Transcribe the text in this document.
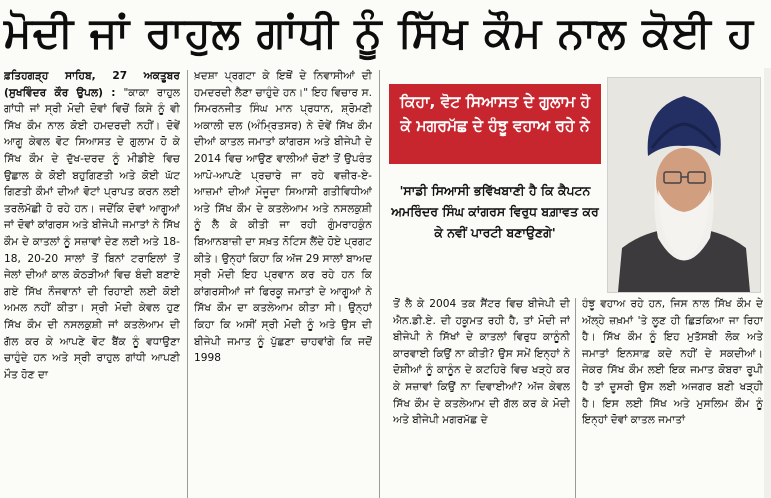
ਮੋਦੀ ਜਾਂ ਰਾਹੁਲ ਗਾਂਧੀ ਨੂੰ ਸਿੱਖ ਕੌਮ ਨਾਲ ਕੋਈ ਹ

ਫ਼ਤਿਹਗੜ੍ਹ ਸਾਹਿਬ, 27 ਅਕਤੂਬਰ (ਸੁਖਵਿੰਦਰ ਕੌਰ ਉਪਲ) : "ਕਾਕਾ ਰਾਹੁਲ ਗਾਂਧੀ ਜਾਂ ਸ੍ਰੀ ਮੋਦੀ ਦੋਵਾਂ ਵਿਚੋਂ ਕਿਸੇ ਨੂੰ ਵੀ ਸਿੱਖ ਕੌਮ ਨਾਲ ਕੋਈ ਹਮਦਰਦੀ ਨਹੀਂ। ਦੋਵੇਂ ਆਗੂ ਕੇਵਲ ਵੋਟ ਸਿਆਸਤ ਦੇ ਗੁਲਾਮ ਹੋ ਕੇ ਸਿੱਖ ਕੌਮ ਦੇ ਦੁੱਖ-ਦਰਦ ਨੂੰ ਮੀਡੀਏ ਵਿਚ ਉਛਾਲ ਕੇ ਕੋਈ ਬਹੁਗਿਣਤੀ ਅਤੇ ਕੋਈ ਘੱਟ ਗਿਣਤੀ ਕੌਮਾਂ ਦੀਆਂ ਵੋਟਾਂ ਪ੍ਰਾਪਤ ਕਰਨ ਲਈ ਤਰਲੋਮੱਛੀ ਹੋ ਰਹੇ ਹਨ। ਜਦੋਂਕਿ ਦੋਵਾਂ ਆਗੂਆਂ ਜਾਂ ਦੋਵਾਂ ਕਾਂਗਰਸ ਅਤੇ ਬੀਜੇਪੀ ਜਮਾਤਾਂ ਨੇ ਸਿੱਖ ਕੌਮ ਦੇ ਕਾਤਲਾਂ ਨੂੰ ਸਜ਼ਾਵਾਂ ਦੇਣ ਲਈ ਅਤੇ 18-18, 20-20 ਸਾਲਾਂ ਤੋਂ ਬਿਨਾਂ ਟਰਾਇਲਾਂ ਤੋਂ ਜੇਲਾਂ ਦੀਆਂ ਕਾਲ ਕੋਠੜੀਆਂ ਵਿਚ ਬੰਦੀ ਬਣਾਏ ਗਏ ਸਿੱਖ ਨੌਜਵਾਨਾਂ ਦੀ ਰਿਹਾਈ ਲਈ ਕੋਈ ਅਮਲ ਨਹੀਂ ਕੀਤਾ। ਸ੍ਰੀ ਮੋਦੀ ਕੇਵਲ ਹੁਣ ਸਿੱਖ ਕੌਮ ਦੀ ਨਸਲਕੁਸ਼ੀ ਜਾਂ ਕਤਲੇਆਮ ਦੀ ਗੱਲ ਕਰ ਕੇ ਆਪਣੇ ਵੋਟ ਬੈਂਕ ਨੂੰ ਵਧਾਉਣਾ ਚਾਹੁੰਦੇ ਹਨ ਅਤੇ ਸ੍ਰੀ ਰਾਹੁਲ ਗਾਂਧੀ ਆਪਣੀ ਮੌਤ ਹੋਣ ਦਾ

ਖ਼ਦਸ਼ਾ ਪ੍ਰਗਟਾ ਕੇ ਇਥੋਂ ਦੇ ਨਿਵਾਸੀਆਂ ਦੀ ਹਮਦਰਦੀ ਲੈਣਾ ਚਾਹੁੰਦੇ ਹਨ।" ਇਹ ਵਿਚਾਰ ਸ. ਸਿਮਰਨਜੀਤ ਸਿੰਘ ਮਾਨ ਪ੍ਰਧਾਨ, ਸ਼੍ਰੋਮਣੀ ਅਕਾਲੀ ਦਲ (ਅੰਮ੍ਰਿਤਸਰ) ਨੇ ਦੋਵੇਂ ਸਿੱਖ ਕੌਮ ਦੀਆਂ ਕਾਤਲ ਜਮਾਤਾਂ ਕਾਂਗਰਸ ਅਤੇ ਬੀਜੇਪੀ ਦੇ 2014 ਵਿਚ ਆਉਣ ਵਾਲੀਆਂ ਚੋਣਾਂ ਤੋਂ ਉਪਰੰਤ ਆਪੋ-ਆਪਣੇ ਪ੍ਰਚਾਰੇ ਜਾ ਰਹੇ ਵਜ਼ੀਰ-ਏ-ਆਜ਼ਮਾਂ ਦੀਆਂ ਮੌਜੂਦਾ ਸਿਆਸੀ ਗਤੀਵਿਧੀਆਂ ਅਤੇ ਸਿੱਖ ਕੌਮ ਦੇ ਕਤਲੇਆਮ ਅਤੇ ਨਸਲਕੁਸ਼ੀ ਨੂੰ ਲੈ ਕੇ ਕੀਤੀ ਜਾ ਰਹੀ ਗੁੰਮਰਾਹਕੁੰਨ ਬਿਆਨਬਾਜ਼ੀ ਦਾ ਸਖ਼ਤ ਨੋਟਿਸ ਲੈਂਦੇ ਹੋਏ ਪ੍ਰਗਟ ਕੀਤੇ। ਉਨ੍ਹਾਂ ਕਿਹਾ ਕਿ ਅੱਜ 29 ਸਾਲਾਂ ਬਾਅਦ ਸ੍ਰੀ ਮੋਦੀ ਇਹ ਪ੍ਰਵਾਨ ਕਰ ਰਹੇ ਹਨ ਕਿ ਕਾਂਗਰਸੀਆਂ ਜਾਂ ਫਿਰਕੂ ਜਮਾਤਾਂ ਦੇ ਆਗੂਆਂ ਨੇ ਸਿੱਖ ਕੌਮ ਦਾ ਕਤਲੇਆਮ ਕੀਤਾ ਸੀ। ਉਨ੍ਹਾਂ ਕਿਹਾ ਕਿ ਅਸੀਂ ਸ੍ਰੀ ਮੋਦੀ ਨੂੰ ਅਤੇ ਉਸ ਦੀ ਬੀਜੇਪੀ ਜਮਾਤ ਨੂੰ ਪੁੱਛਣਾ ਚਾਹਵਾਂਗੇ ਕਿ ਜਦੋਂ 1998

ਕਿਹਾ, ਵੋਟ ਸਿਆਸਤ ਦੇ ਗੁਲਾਮ ਹੋ ਕੇ ਮਗਰਮੱਛ ਦੇ ਹੰਝੂ ਵਹਾਅ ਰਹੇ ਨੇ
'ਸਾਡੀ ਸਿਆਸੀ ਭਵਿੱਖਬਾਣੀ ਹੈ ਕਿ ਕੈਪਟਨ ਅਮਰਿੰਦਰ ਸਿੰਘ ਕਾਂਗਰਸ ਵਿਰੁਧ ਬਗ਼ਾਵਤ ਕਰ ਕੇ ਨਵੀਂ ਪਾਰਟੀ ਬਣਾਉਣਗੇ'

ਤੋਂ ਲੈ ਕੇ 2004 ਤਕ ਸੈਂਟਰ ਵਿਚ ਬੀਜੇਪੀ ਦੀ ਐਨ.ਡੀ.ਏ. ਦੀ ਹਕੂਮਤ ਰਹੀ ਹੈ, ਤਾਂ ਮੋਦੀ ਜਾਂ ਬੀਜੇਪੀ ਨੇ ਸਿੱਖਾਂ ਦੇ ਕਾਤਲਾਂ ਵਿਰੁਧ ਕਾਨੂੰਨੀ ਕਾਰਵਾਈ ਕਿਉਂ ਨਾ ਕੀਤੀ? ਉਸ ਸਮੇਂ ਇਨ੍ਹਾਂ ਨੇ ਦੋਸ਼ੀਆਂ ਨੂੰ ਕਾਨੂੰਨ ਦੇ ਕਟਹਿਰੇ ਵਿਚ ਖੜ੍ਹੇ ਕਰ ਕੇ ਸਜ਼ਾਵਾਂ ਕਿਉਂ ਨਾ ਦਿਵਾਈਆਂ? ਅੱਜ ਕੇਵਲ ਸਿੱਖ ਕੌਮ ਦੇ ਕਤਲੇਆਮ ਦੀ ਗੱਲ ਕਰ ਕੇ ਮੋਦੀ ਅਤੇ ਬੀਜੇਪੀ ਮਗਰਮੱਛ ਦੇ

ਹੰਝੂ ਵਹਾਅ ਰਹੇ ਹਨ, ਜਿਸ ਨਾਲ ਸਿੱਖ ਕੌਮ ਦੇ ਅੱਲ੍ਹੇ ਜ਼ਖ਼ਮਾਂ 'ਤੇ ਲੂਣ ਹੀ ਛਿੜਕਿਆ ਜਾ ਰਿਹਾ ਹੈ। ਸਿੱਖ ਕੌਮ ਨੂੰ ਇਹ ਮੁਤੱਸਬੀ ਲੋਕ ਅਤੇ ਜਮਾਤਾਂ ਇਨਸਾਫ਼ ਕਦੇ ਨਹੀਂ ਦੇ ਸਕਦੀਆਂ। ਜੇਕਰ ਸਿੱਖ ਕੌਮ ਲਈ ਇਕ ਜਮਾਤ ਕੋਬਰਾ ਰੂਪੀ ਹੈ ਤਾਂ ਦੂਸਰੀ ਉਸ ਲਈ ਅਜਗਰ ਬਣੀ ਖੜ੍ਹੀ ਹੈ। ਇਸ ਲਈ ਸਿੱਖ ਅਤੇ ਮੁਸਲਿਮ ਕੌਮ ਨੂੰ ਇਨ੍ਹਾਂ ਦੋਵਾਂ ਕਾਤਲ ਜਮਾਤਾਂ
